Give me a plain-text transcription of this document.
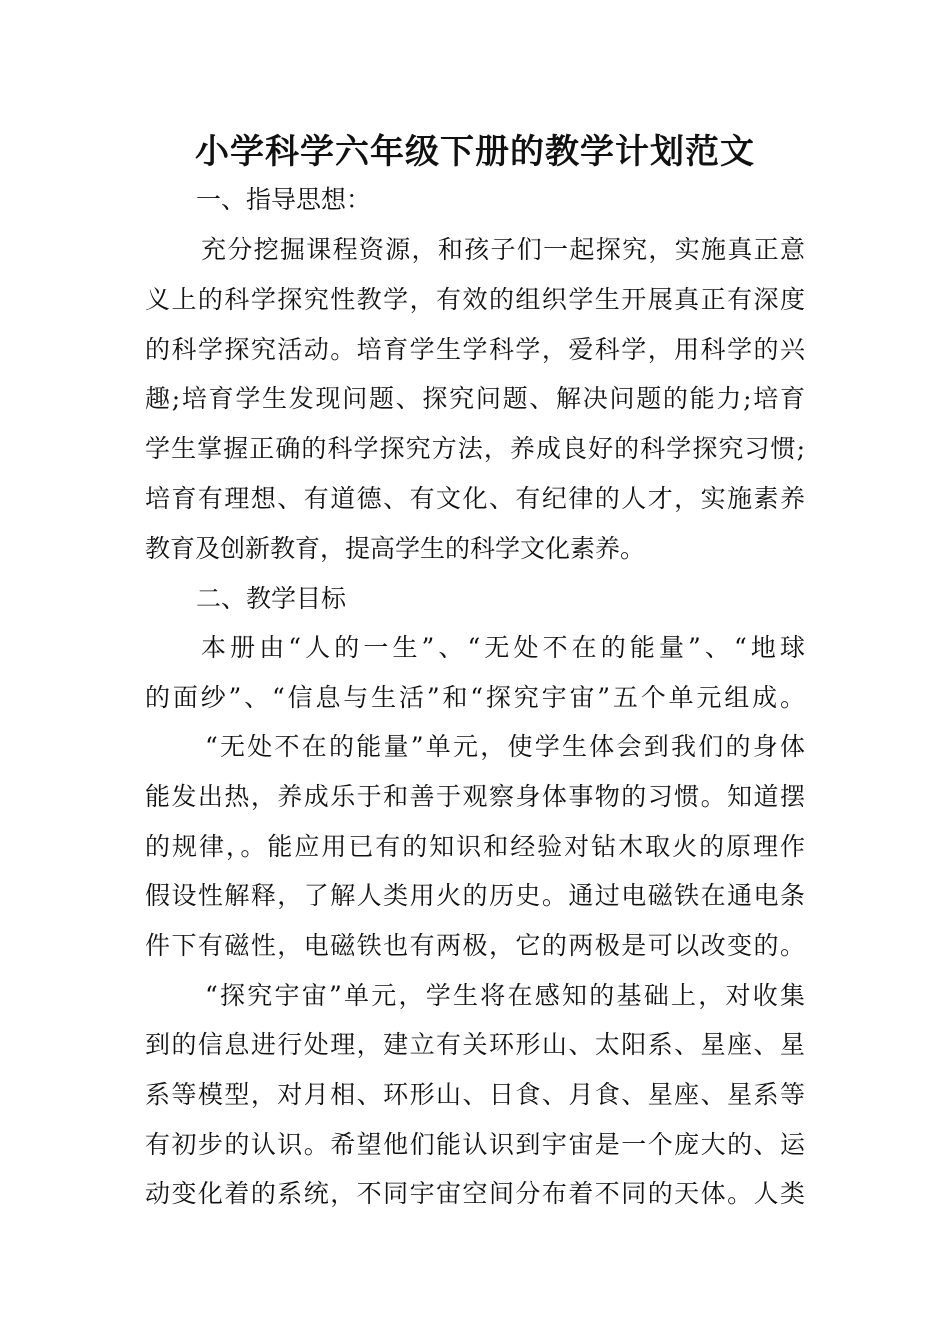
小学科学六年级下册的教学计划范文
一、指导思想：
充分挖掘课程资源，和孩子们一起探究，实施真正意
义上的科学探究性教学，有效的组织学生开展真正有深度
的科学探究活动。培育学生学科学，爱科学，用科学的兴
趣;培育学生发现问题、探究问题、解决问题的能力;培育
学生掌握正确的科学探究方法，养成良好的科学探究习惯;
培育有理想、有道德、有文化、有纪律的人才，实施素养
教育及创新教育，提高学生的科学文化素养。
二、教学目标
本册由“人的一生”、“无处不在的能量”、“地球
的面纱”、“信息与生活”和“探究宇宙”五个单元组成。
“无处不在的能量”单元，使学生体会到我们的身体
能发出热，养成乐于和善于观察身体事物的习惯。知道摆
的规律，。能应用已有的知识和经验对钻木取火的原理作
假设性解释，了解人类用火的历史。通过电磁铁在通电条
件下有磁性，电磁铁也有两极，它的两极是可以改变的。
“探究宇宙”单元，学生将在感知的基础上，对收集
到的信息进行处理，建立有关环形山、太阳系、星座、星
系等模型，对月相、环形山、日食、月食、星座、星系等
有初步的认识。希望他们能认识到宇宙是一个庞大的、运
动变化着的系统，不同宇宙空间分布着不同的天体。人类
